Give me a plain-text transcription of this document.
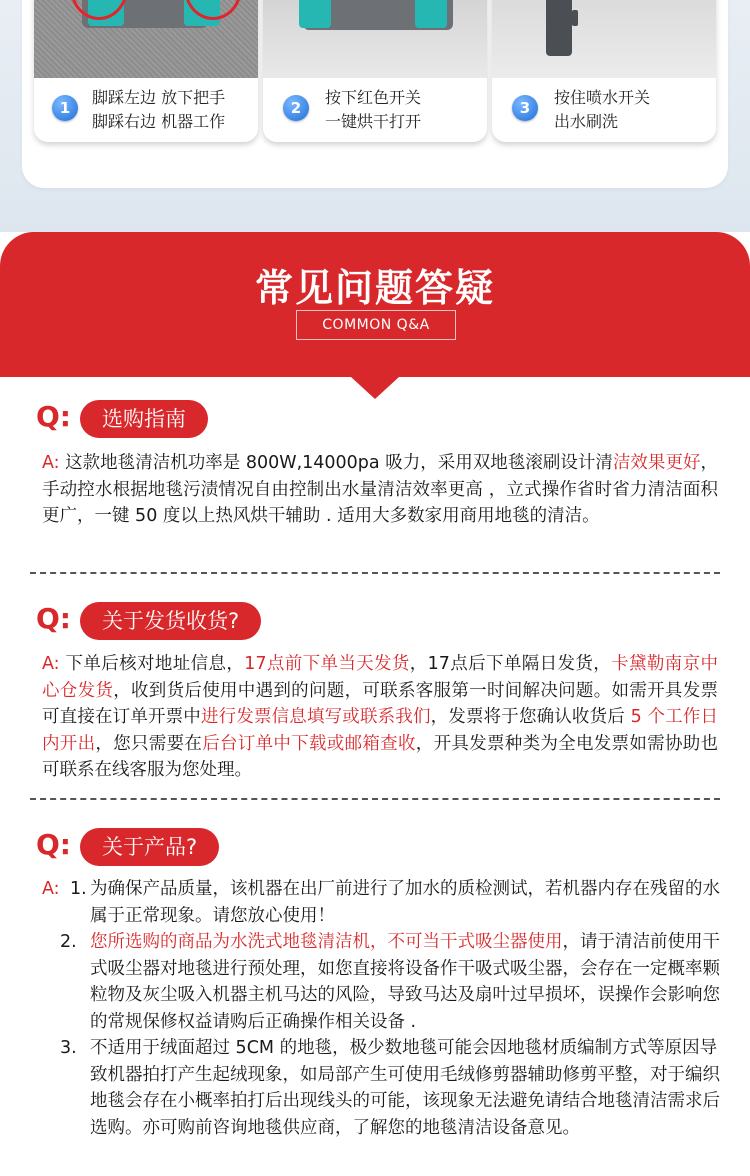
1
脚踩左边 放下把手
脚踩右边 机器工作
2
按下红色开关
一键烘干打开
3
按住喷水开关
出水刷洗
常见问题答疑
COMMON Q&A
Q:	选购指南
A: 这款地毯清洁机功率是 800W,14000pa 吸力，采用双地毯滚刷设计清洁效果更好，手动控水根据地毯污渍情况自由控制出水量清洁效率更高 ，立式操作省时省力清洁面积更广，一键 50 度以上热风烘干辅助 . 适用大多数家用商用地毯的清洁。
Q:	关于发货收货?
A: 下单后核对地址信息，17点前下单当天发货，17点后下单隔日发货，卡黛勒南京中心仓发货，收到货后使用中遇到的问题，可联系客服第一时间解决问题。如需开具发票可直接在订单开票中进行发票信息填写或联系我们，发票将于您确认收货后 5 个工作日内开出，您只需要在后台订单中下载或邮箱查收，开具发票种类为全电发票如需协助也可联系在线客服为您处理。
Q:	关于产品?
A: 1. 为确保产品质量，该机器在出厂前进行了加水的质检测试，若机器内存在残留的水属于正常现象。请您放心使用！
2. 您所选购的商品为水洗式地毯清洁机，不可当干式吸尘器使用，请于清洁前使用干式吸尘器对地毯进行预处理，如您直接将设备作干吸式吸尘器，会存在一定概率颗粒物及灰尘吸入机器主机马达的风险，导致马达及扇叶过早损坏，误操作会影响您的常规保修权益请购后正确操作相关设备 .
3. 不适用于绒面超过 5CM 的地毯，极少数地毯可能会因地毯材质编制方式等原因导致机器拍打产生起绒现象，如局部产生可使用毛绒修剪器辅助修剪平整，对于编织地毯会存在小概率拍打后出现线头的可能，该现象无法避免请结合地毯清洁需求后选购。亦可购前咨询地毯供应商，了解您的地毯清洁设备意见。
